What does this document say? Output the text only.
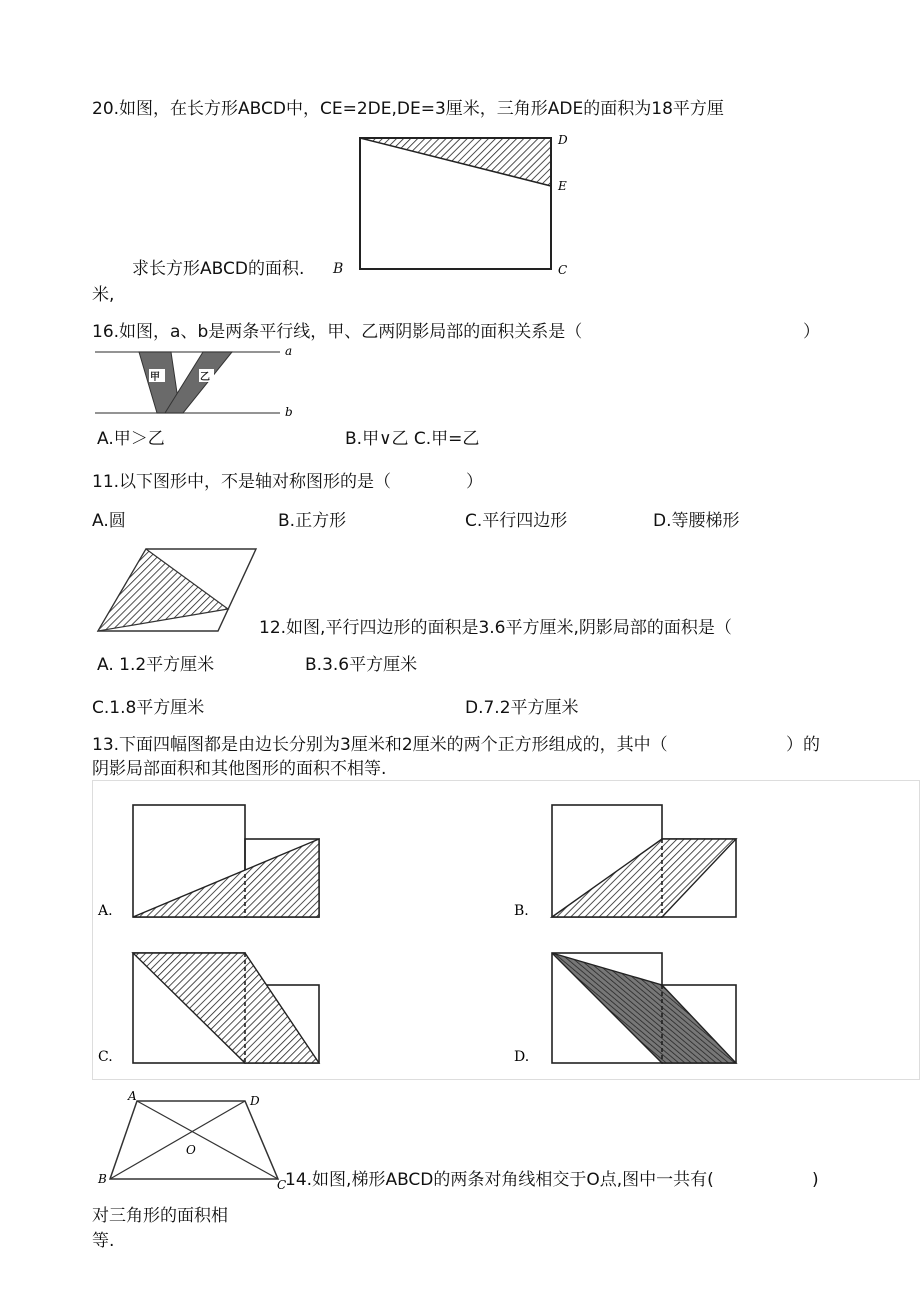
20.如图，在长方形ABCD中，CE=2DE,DE=3厘米，三角形ADE的面积为18平方厘
D
E
C
求长方形ABCD的面积. B
米,
16.如图，a、b是两条平行线，甲、乙两阴影局部的面积关系是（	）
甲	乙
a
b
A.甲＞乙	B.甲∨乙 C.甲=乙
11.以下图形中，不是轴对称图形的是（	）
A.圆	B.正方形	C.平行四边形	D.等腰梯形
12.如图,平行四边形的面积是3.6平方厘米,阴影局部的面积是（
A. 1.2平方厘米	B.3.6平方厘米
C.1.8平方厘米	D.7.2平方厘米
13.下面四幅图都是由边长分别为3厘米和2厘米的两个正方形组成的，其中（	）的
阴影局部面积和其他图形的面积不相等.
A.	B.
C.	D.
A	D
O
B	C
14.如图,梯形ABCD的两条对角线相交于O点,图中一共有(	)
对三角形的面积相
等.
